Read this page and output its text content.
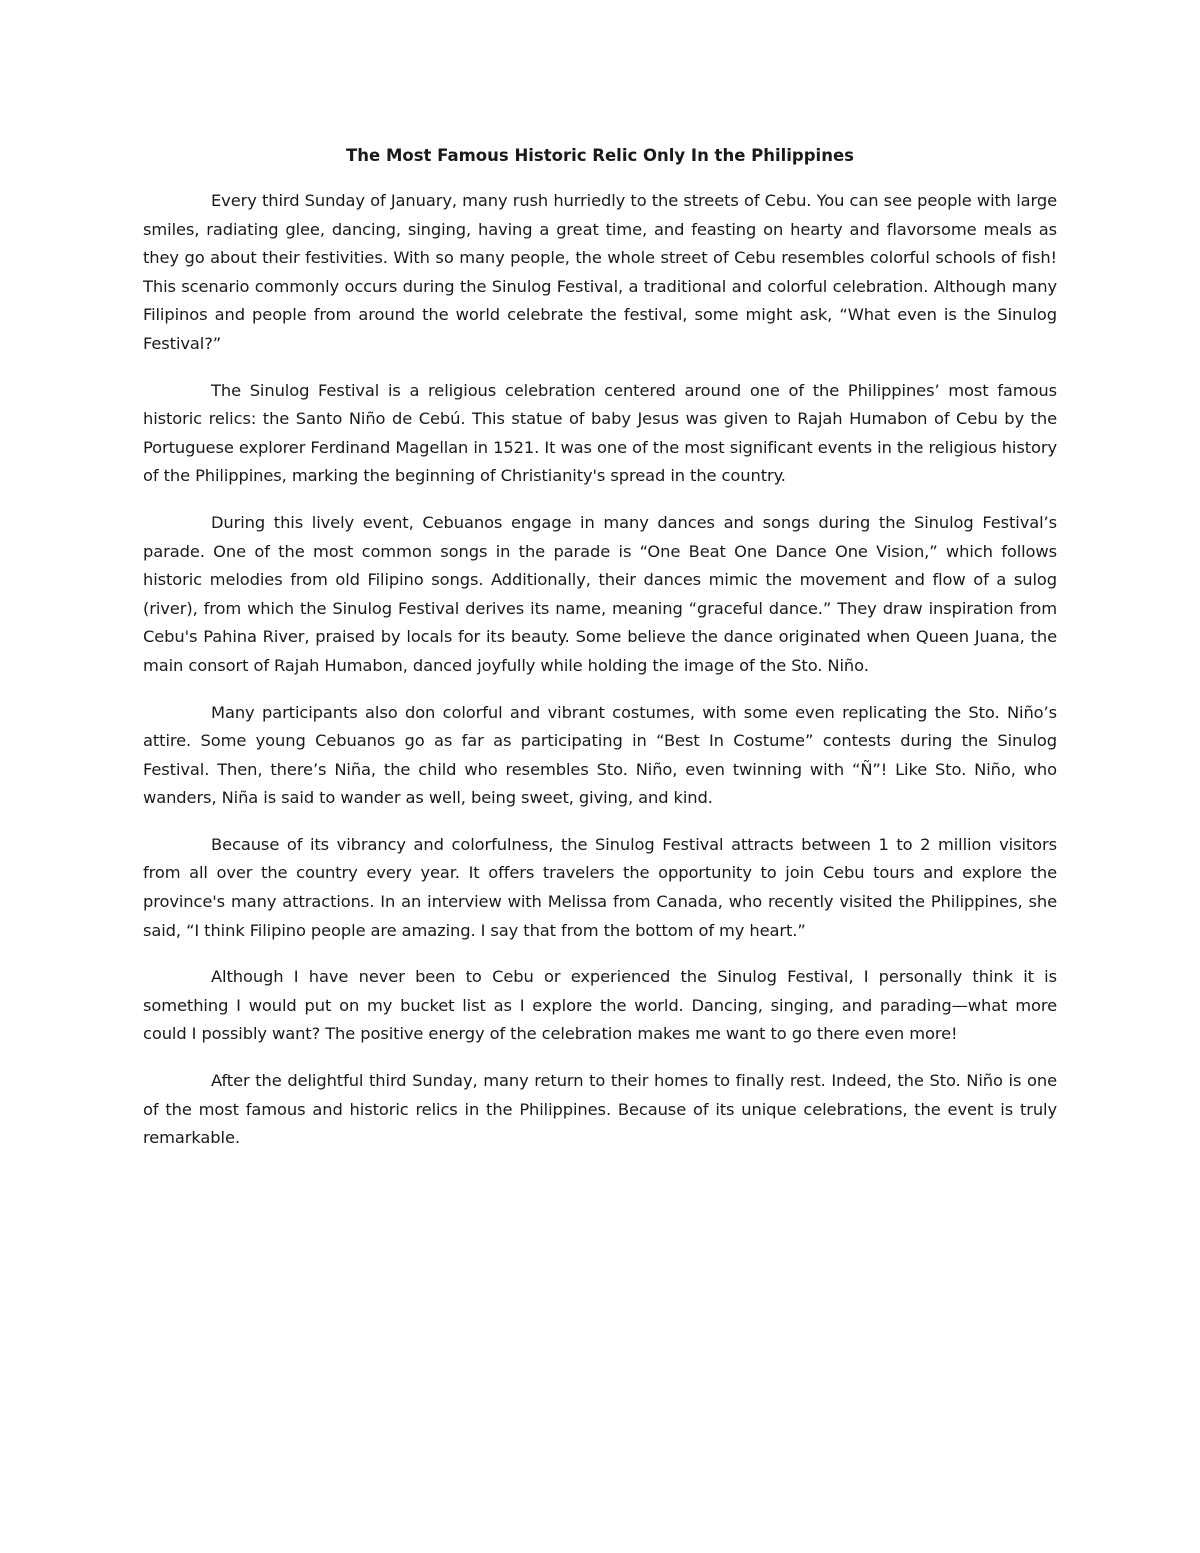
The Most Famous Historic Relic Only In the Philippines

Every third Sunday of January, many rush hurriedly to the streets of Cebu. You can see people with large smiles, radiating glee, dancing, singing, having a great time, and feasting on hearty and flavorsome meals as they go about their festivities. With so many people, the whole street of Cebu resembles colorful schools of fish! This scenario commonly occurs during the Sinulog Festival, a traditional and colorful celebration. Although many Filipinos and people from around the world celebrate the festival, some might ask, “What even is the Sinulog Festival?”

The Sinulog Festival is a religious celebration centered around one of the Philippines’ most famous historic relics: the Santo Niño de Cebú. This statue of baby Jesus was given to Rajah Humabon of Cebu by the Portuguese explorer Ferdinand Magellan in 1521. It was one of the most significant events in the religious history of the Philippines, marking the beginning of Christianity's spread in the country.

During this lively event, Cebuanos engage in many dances and songs during the Sinulog Festival’s parade. One of the most common songs in the parade is “One Beat One Dance One Vision,” which follows historic melodies from old Filipino songs. Additionally, their dances mimic the movement and flow of a sulog (river), from which the Sinulog Festival derives its name, meaning “graceful dance.” They draw inspiration from Cebu's Pahina River, praised by locals for its beauty. Some believe the dance originated when Queen Juana, the main consort of Rajah Humabon, danced joyfully while holding the image of the Sto. Niño.

Many participants also don colorful and vibrant costumes, with some even replicating the Sto. Niño’s attire. Some young Cebuanos go as far as participating in “Best In Costume” contests during the Sinulog Festival. Then, there’s Niña, the child who resembles Sto. Niño, even twinning with “Ñ”! Like Sto. Niño, who wanders, Niña is said to wander as well, being sweet, giving, and kind.

Because of its vibrancy and colorfulness, the Sinulog Festival attracts between 1 to 2 million visitors from all over the country every year. It offers travelers the opportunity to join Cebu tours and explore the province's many attractions. In an interview with Melissa from Canada, who recently visited the Philippines, she said, “I think Filipino people are amazing. I say that from the bottom of my heart.”

Although I have never been to Cebu or experienced the Sinulog Festival, I personally think it is something I would put on my bucket list as I explore the world. Dancing, singing, and parading—what more could I possibly want? The positive energy of the celebration makes me want to go there even more!

After the delightful third Sunday, many return to their homes to finally rest. Indeed, the Sto. Niño is one of the most famous and historic relics in the Philippines. Because of its unique celebrations, the event is truly remarkable.
